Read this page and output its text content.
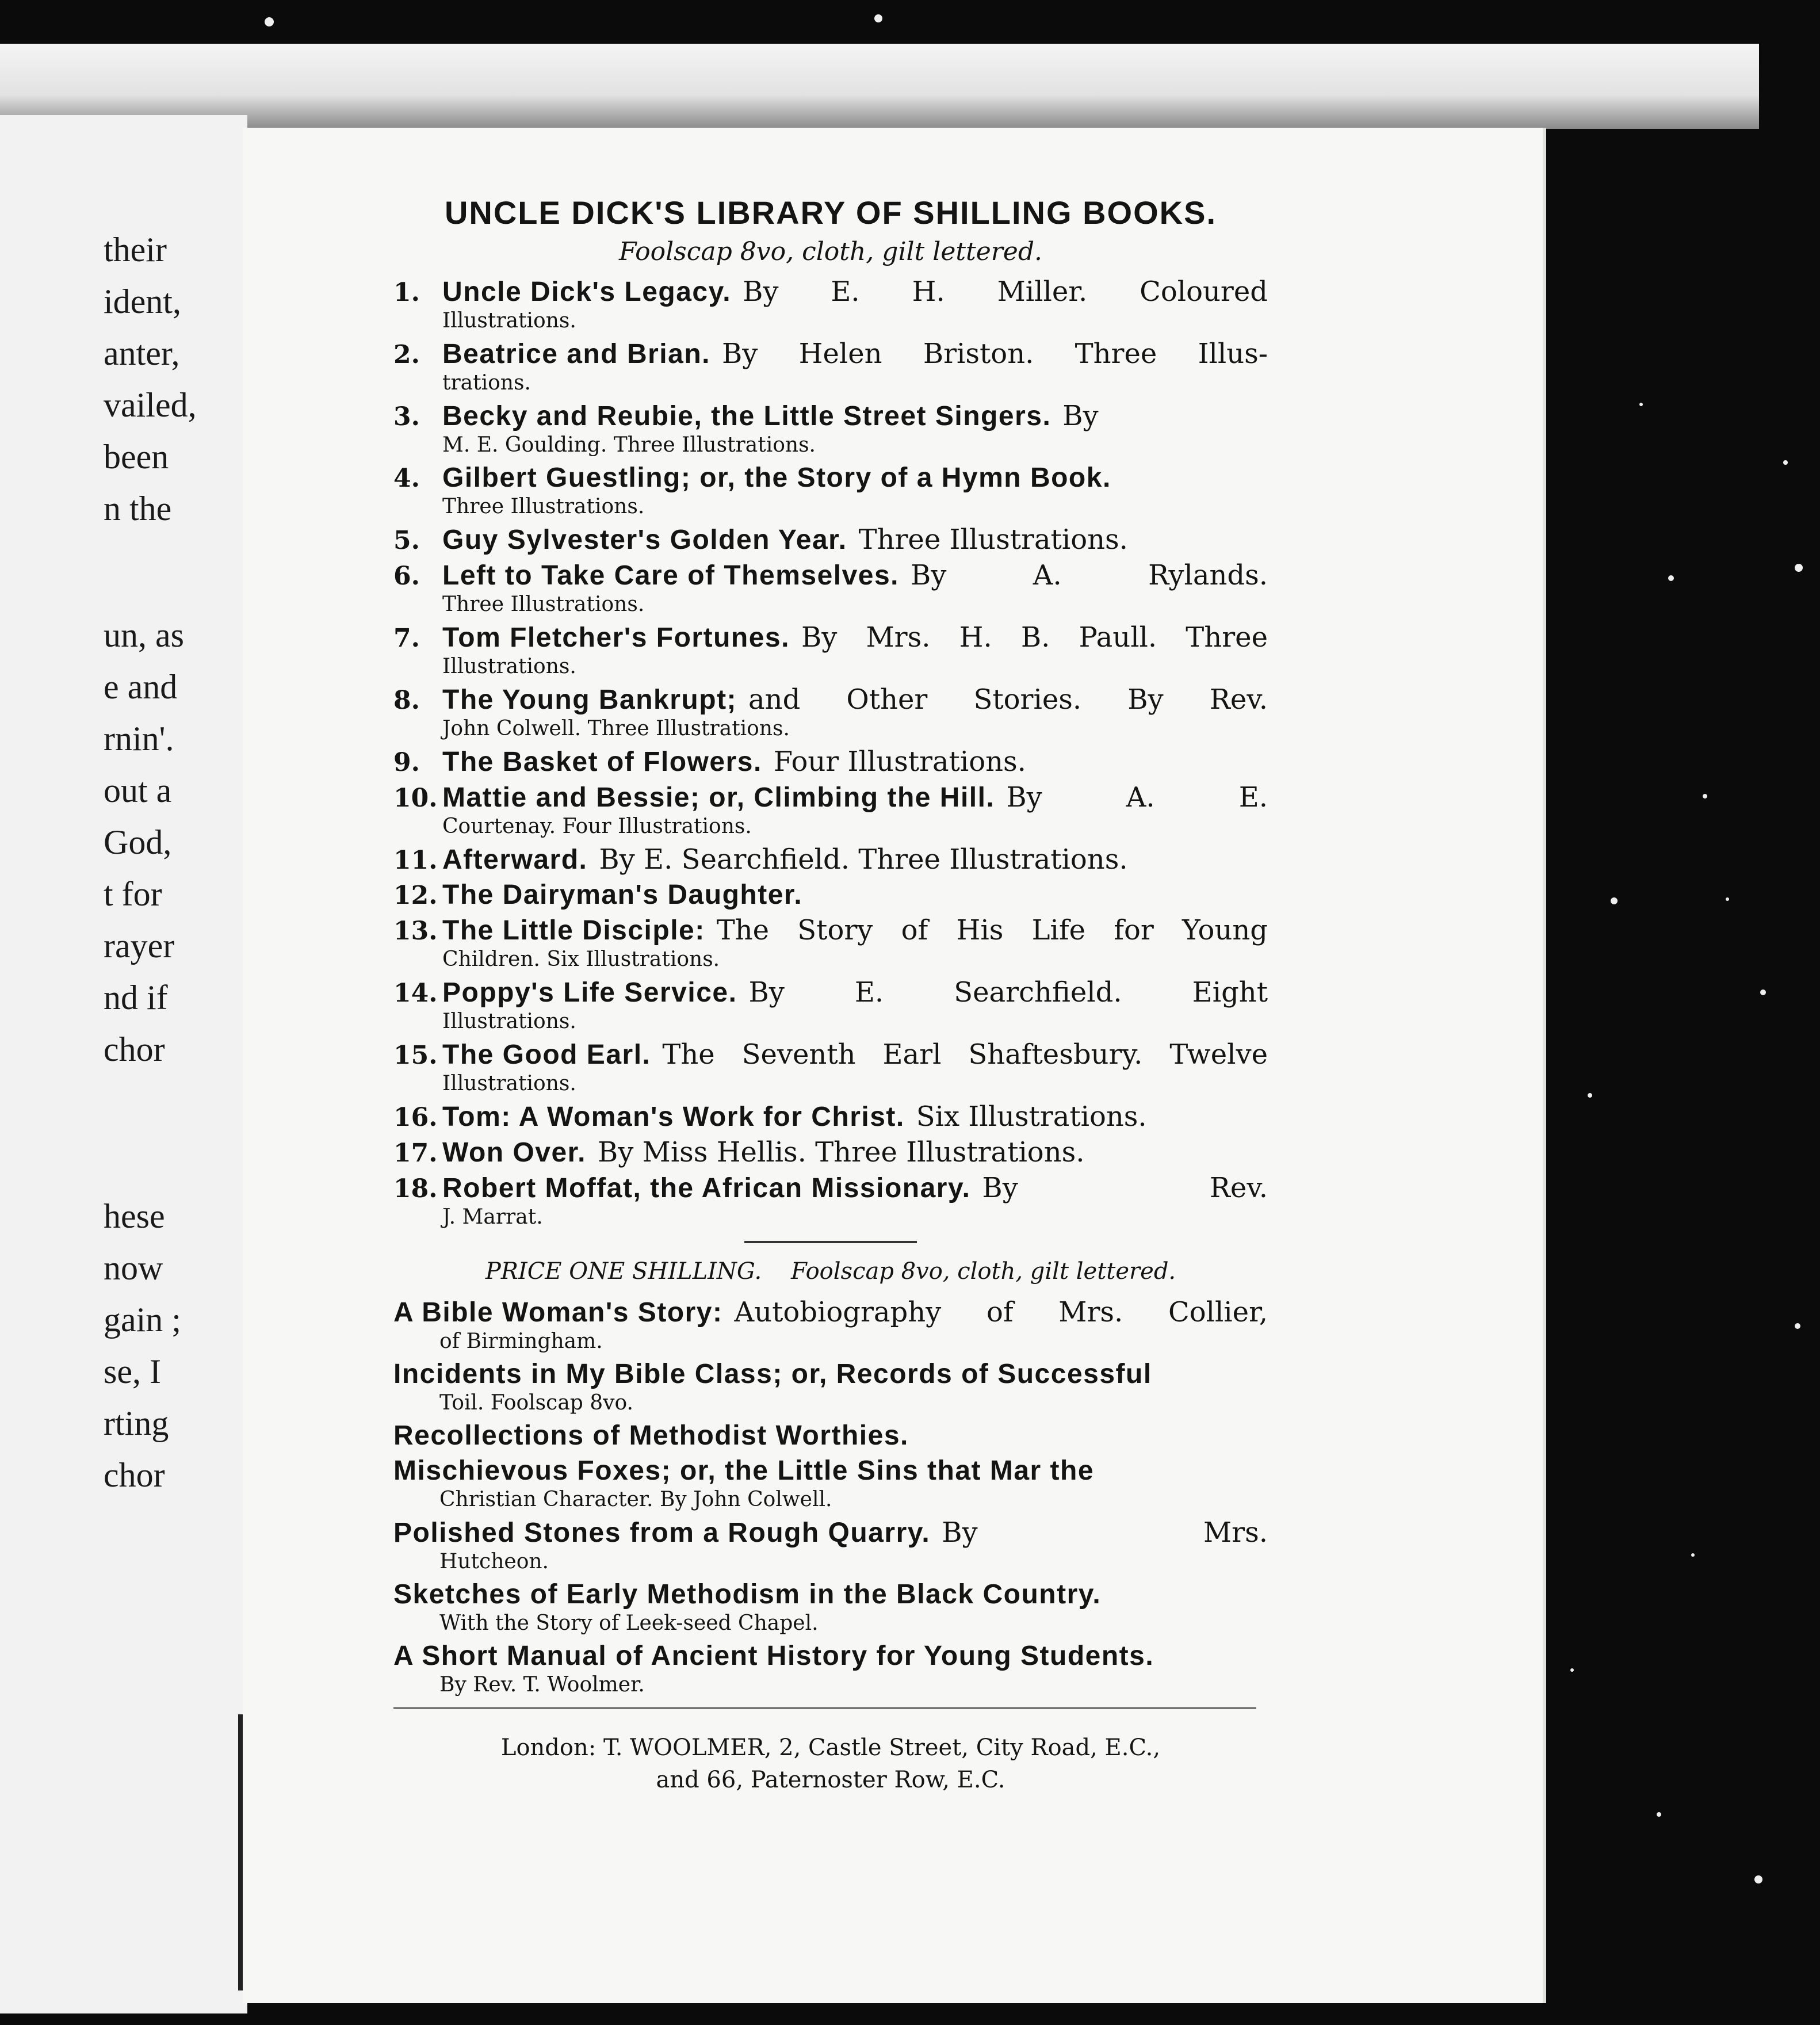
their
ident,
anter,
vailed,
been
n the
un, as
e and
rnin'.
out a
God,
t for
rayer
nd if
chor
hese
now
gain ;
se, I
rting
chor
UNCLE DICK'S LIBRARY OF SHILLING BOOKS.
Foolscap 8vo, cloth, gilt lettered.
1. Uncle Dick's Legacy. By E. H. Miller. Coloured
Illustrations.
2. Beatrice and Brian. By Helen Briston. Three Illus-
trations.
3. Becky and Reubie, the Little Street Singers. By
M. E. Goulding. Three Illustrations.
4. Gilbert Guestling; or, the Story of a Hymn Book.
Three Illustrations.
5. Guy Sylvester's Golden Year. Three Illustrations.
6. Left to Take Care of Themselves. By A. Rylands.
Three Illustrations.
7. Tom Fletcher's Fortunes. By Mrs. H. B. Paull. Three
Illustrations.
8. The Young Bankrupt; and Other Stories. By Rev.
John Colwell. Three Illustrations.
9. The Basket of Flowers. Four Illustrations.
10. Mattie and Bessie; or, Climbing the Hill. By A. E.
Courtenay. Four Illustrations.
11. Afterward. By E. Searchfield. Three Illustrations.
12. The Dairyman's Daughter.
13. The Little Disciple: The Story of His Life for Young
Children. Six Illustrations.
14. Poppy's Life Service. By E. Searchfield. Eight
Illustrations.
15. The Good Earl. The Seventh Earl Shaftesbury. Twelve
Illustrations.
16. Tom: A Woman's Work for Christ. Six Illustrations.
17. Won Over. By Miss Hellis. Three Illustrations.
18. Robert Moffat, the African Missionary. By Rev.
J. Marrat.
PRICE ONE SHILLING. Foolscap 8vo, cloth, gilt lettered.
A Bible Woman's Story: Autobiography of Mrs. Collier,
of Birmingham.
Incidents in My Bible Class; or, Records of Successful
Toil. Foolscap 8vo.
Recollections of Methodist Worthies.
Mischievous Foxes; or, the Little Sins that Mar the
Christian Character. By John Colwell.
Polished Stones from a Rough Quarry. By Mrs.
Hutcheon.
Sketches of Early Methodism in the Black Country.
With the Story of Leek-seed Chapel.
A Short Manual of Ancient History for Young Students.
By Rev. T. Woolmer.
London: T. WOOLMER, 2, Castle Street, City Road, E.C.,
and 66, Paternoster Row, E.C.
